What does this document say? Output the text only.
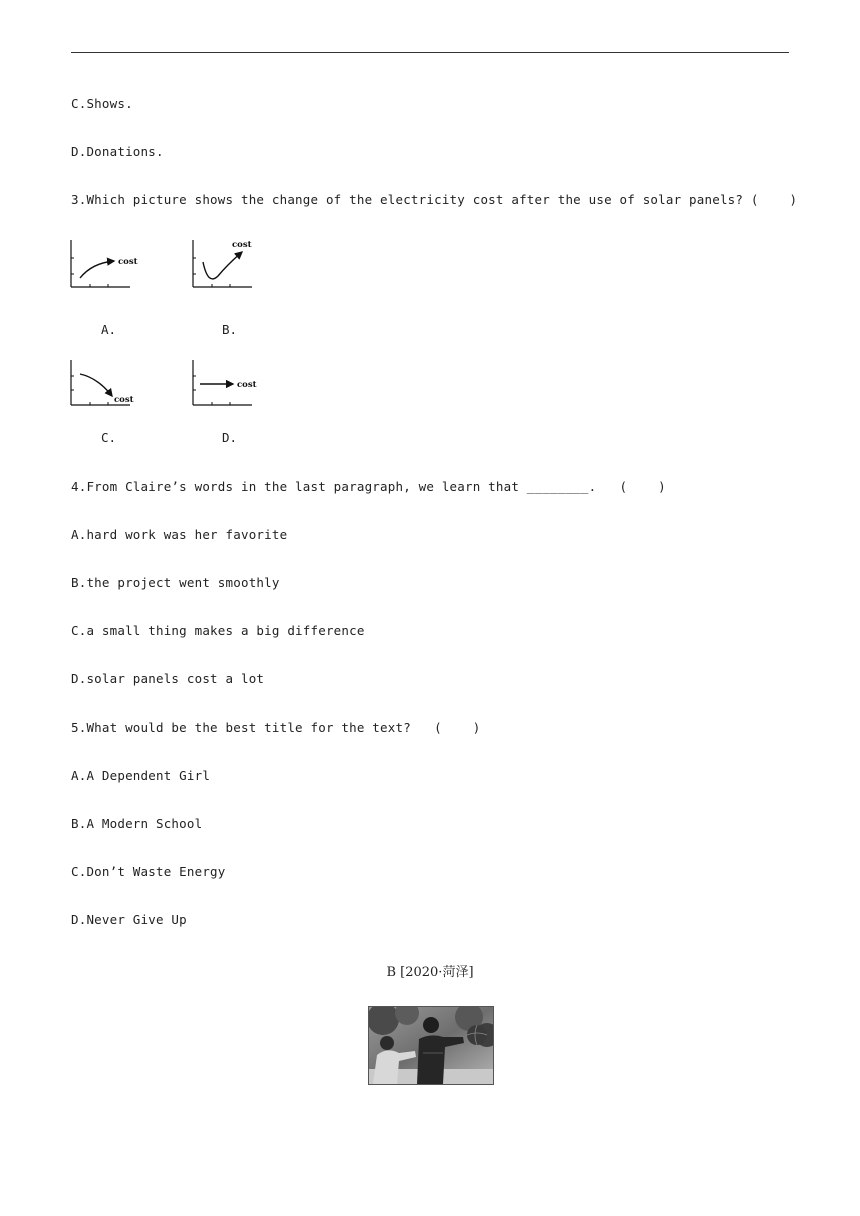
C.Shows.
D.Donations.
3.Which picture shows the change of the electricity cost after the use of solar panels? (    )
cost
A.
cost
B.
cost
C.
cost
D.
4.From Claire’s words in the last paragraph, we learn that ________.   (    )
A.hard work was her favorite
B.the project went smoothly
C.a small thing makes a big difference
D.solar panels cost a lot
5.What would be the best title for the text?   (    )
A.A Dependent Girl
B.A Modern School
C.Don’t Waste Energy
D.Never Give Up
B [2020·菏泽]
